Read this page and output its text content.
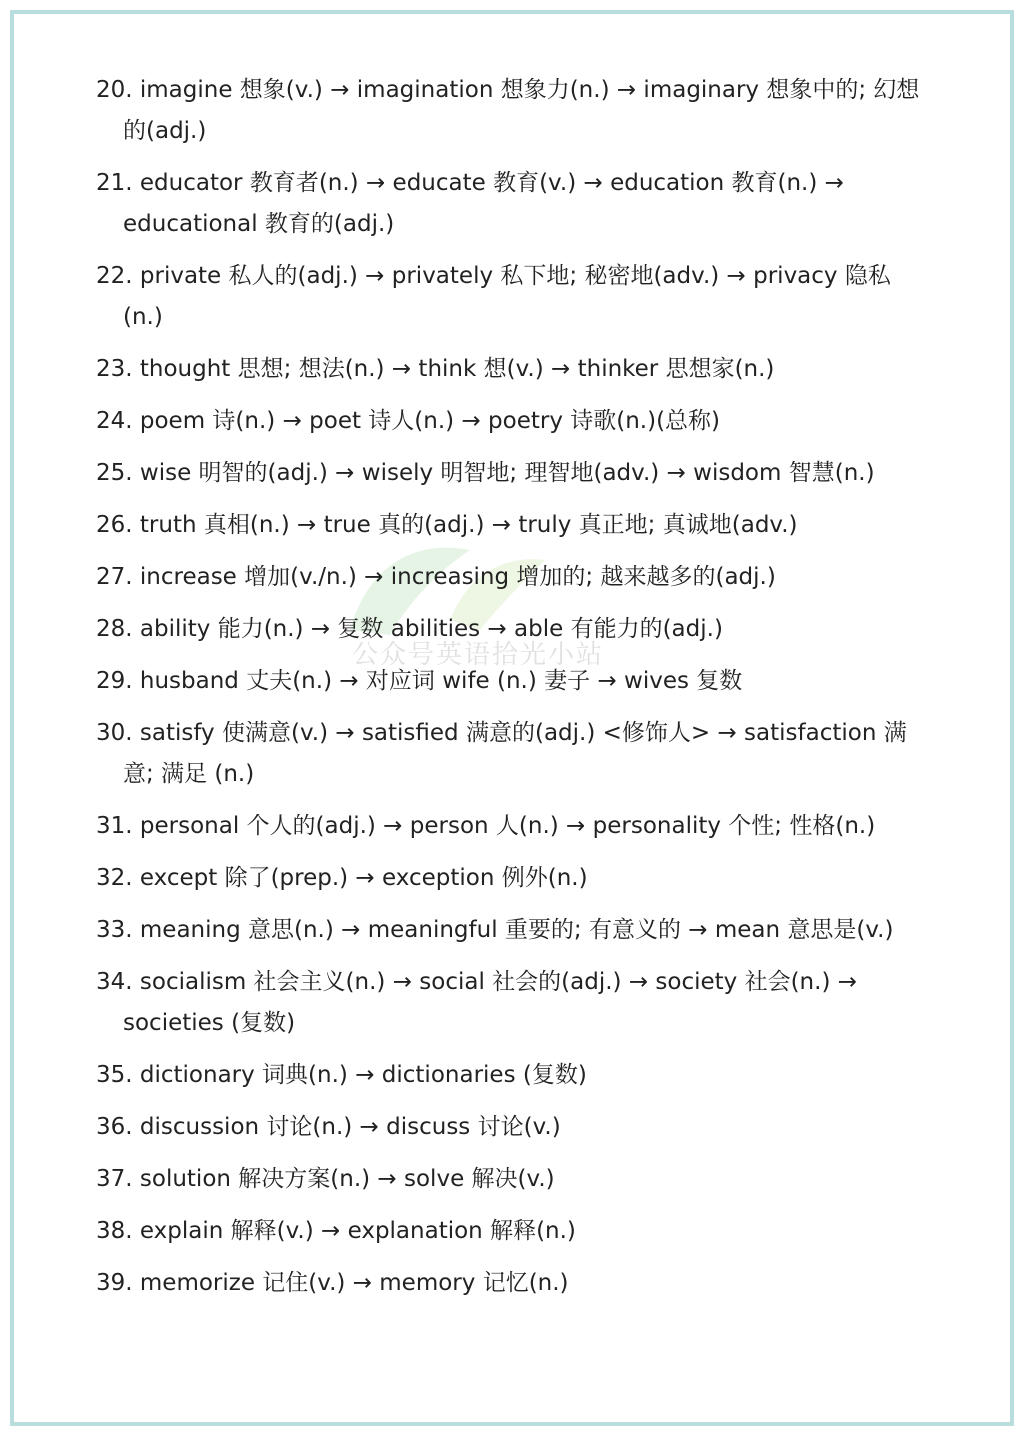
20. imagine 想象(v.) → imagination 想象力(n.) → imaginary 想象中的; 幻想的(adj.)
21. educator 教育者(n.) → educate 教育(v.) → education 教育(n.) → educational 教育的(adj.)
22. private 私人的(adj.) → privately 私下地; 秘密地(adv.) → privacy 隐私(n.)
23. thought 思想; 想法(n.) → think 想(v.) → thinker 思想家(n.)
24. poem 诗(n.) → poet 诗人(n.) → poetry 诗歌(n.)(总称)
25. wise 明智的(adj.) → wisely 明智地; 理智地(adv.) → wisdom 智慧(n.)
26. truth 真相(n.) → true 真的(adj.) → truly 真正地; 真诚地(adv.)
27. increase 增加(v./n.) → increasing 增加的; 越来越多的(adj.)
28. ability 能力(n.) → 复数 abilities → able 有能力的(adj.)
29. husband 丈夫(n.) → 对应词 wife (n.) 妻子 → wives 复数
30. satisfy 使满意(v.) → satisfied 满意的(adj.) <修饰人> → satisfaction 满意; 满足 (n.)
31. personal 个人的(adj.) → person 人(n.) → personality 个性; 性格(n.)
32. except 除了(prep.) → exception 例外(n.)
33. meaning 意思(n.) → meaningful 重要的; 有意义的 → mean 意思是(v.)
34. socialism 社会主义(n.) → social 社会的(adj.) → society 社会(n.) → societies (复数)
35. dictionary 词典(n.) → dictionaries (复数)
36. discussion 讨论(n.) → discuss 讨论(v.)
37. solution 解决方案(n.) → solve 解决(v.)
38. explain 解释(v.) → explanation 解释(n.)
39. memorize 记住(v.) → memory 记忆(n.)
公众号英语拾光小站
